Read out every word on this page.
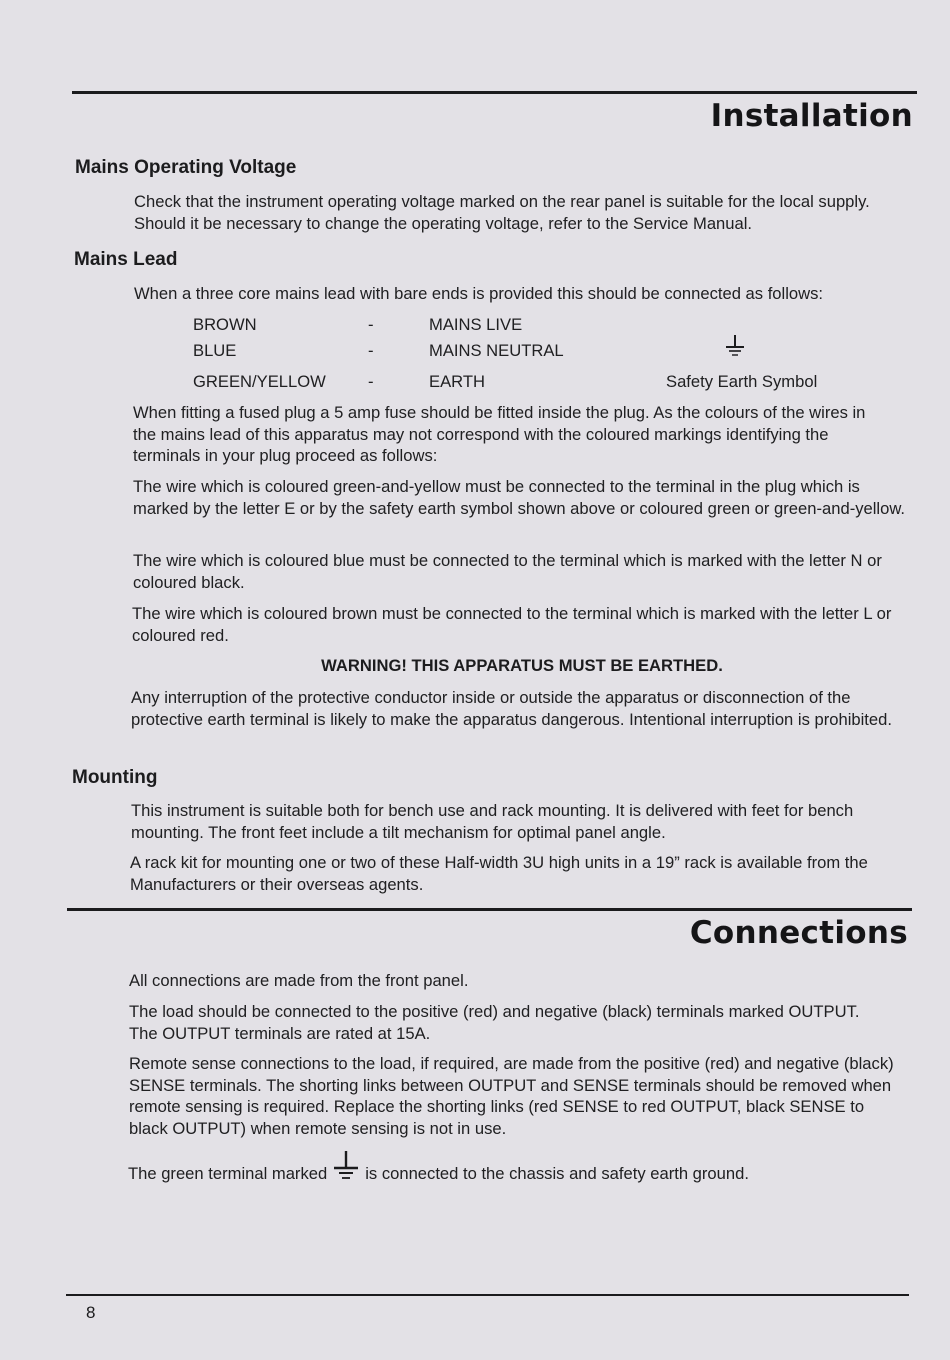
Installation
Mains Operating Voltage

Check that the instrument operating voltage marked on the rear panel is suitable for the local supply. Should it be necessary to change the operating voltage, refer to the Service Manual.

Mains Lead

When a three core mains lead with bare ends is provided this should be connected as follows:

BROWN	-	MAINS LIVE
BLUE	-	MAINS NEUTRAL
GREEN/YELLOW	-	EARTH	Safety Earth Symbol

When fitting a fused plug a 5 amp fuse should be fitted inside the plug. As the colours of the wires in the mains lead of this apparatus may not correspond with the coloured markings identifying the terminals in your plug proceed as follows:

The wire which is coloured green-and-yellow must be connected to the terminal in the plug which is marked by the letter E or by the safety earth symbol shown above or coloured green or green-and-yellow.

The wire which is coloured blue must be connected to the terminal which is marked with the letter N or coloured black.

The wire which is coloured brown must be connected to the terminal which is marked with the letter L or coloured red.

WARNING! THIS APPARATUS MUST BE EARTHED.

Any interruption of the protective conductor inside or outside the apparatus or disconnection of the protective earth terminal is likely to make the apparatus dangerous. Intentional interruption is prohibited.

Mounting

This instrument is suitable both for bench use and rack mounting. It is delivered with feet for bench mounting. The front feet include a tilt mechanism for optimal panel angle.

A rack kit for mounting one or two of these Half-width 3U high units in a 19” rack is available from the Manufacturers or their overseas agents.

Connections

All connections are made from the front panel.

The load should be connected to the positive (red) and negative (black) terminals marked OUTPUT. The OUTPUT terminals are rated at 15A.

Remote sense connections to the load, if required, are made from the positive (red) and negative (black) SENSE terminals. The shorting links between OUTPUT and SENSE terminals should be removed when remote sensing is required. Replace the shorting links (red SENSE to red OUTPUT, black SENSE to black OUTPUT) when remote sensing is not in use.

The green terminal marked is connected to the chassis and safety earth ground.

8
